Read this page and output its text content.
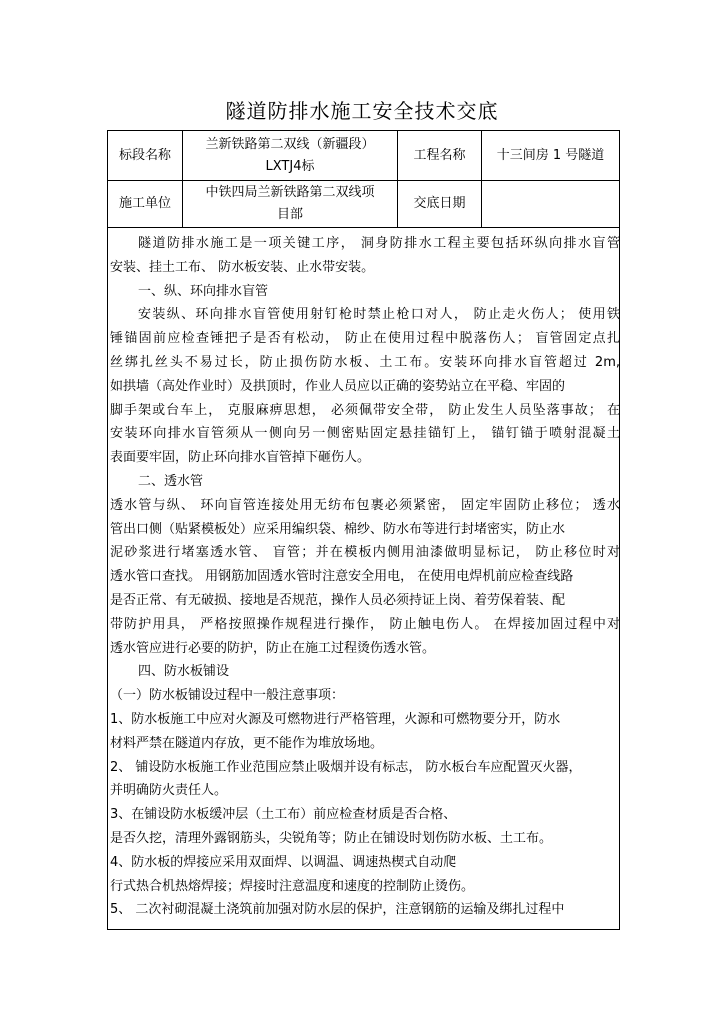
隧道防排水施工安全技术交底
标段名称
兰新铁路第二双线（新疆段）
LXTJ4标
工程名称 十三间房 1 号隧道
施工单位
中铁四局兰新铁路第二双线项
目部
交底日期
隧道防排水施工是一项关键工序， 洞身防排水工程主要包括环纵向排水盲管
安装、挂土工布、 防水板安装、止水带安装。
一、纵、环向排水盲管
安装纵、环向排水盲管使用射钉枪时禁止枪口对人， 防止走火伤人； 使用铁
锤锚固前应检查锤把子是否有松动， 防止在使用过程中脱落伤人； 盲管固定点扎
丝绑扎丝头不易过长，防止损伤防水板、土工布。安装环向排水盲管超过 2m,
如拱墙（高处作业时）及拱顶时，作业人员应以正确的姿势站立在平稳、牢固的
脚手架或台车上， 克服麻痹思想， 必须佩带安全带， 防止发生人员坠落事故； 在
安装环向排水盲管须从一侧向另一侧密贴固定悬挂锚钉上， 锚钉锚于喷射混凝土
表面要牢固，防止环向排水盲管掉下砸伤人。
二、透水管
透水管与纵、 环向盲管连接处用无纺布包裹必须紧密， 固定牢固防止移位； 透水
管出口侧（贴紧模板处）应采用编织袋、棉纱、防水布等进行封堵密实，防止水
泥砂浆进行堵塞透水管、 盲管；并在模板内侧用油漆做明显标记， 防止移位时对
透水管口查找。 用钢筋加固透水管时注意安全用电， 在使用电焊机前应检查线路
是否正常、有无破损、接地是否规范，操作人员必须持证上岗、着劳保着装、配
带防护用具， 严格按照操作规程进行操作， 防止触电伤人。 在焊接加固过程中对
透水管应进行必要的防护，防止在施工过程烫伤透水管。
四、防水板铺设
（一）防水板铺设过程中一般注意事项：
1、防水板施工中应对火源及可燃物进行严格管理，火源和可燃物要分开，防水
材料严禁在隧道内存放，更不能作为堆放场地。
2、 铺设防水板施工作业范围应禁止吸烟并设有标志， 防水板台车应配置灭火器，
并明确防火责任人。
3、在铺设防水板缓冲层（土工布）前应检查材质是否合格、
是否久挖，清理外露钢筋头，尖锐角等；防止在铺设时划伤防水板、土工布。
4、防水板的焊接应采用双面焊、以调温、调速热楔式自动爬
行式热合机热熔焊接；焊接时注意温度和速度的控制防止烫伤。
5、 二次衬砌混凝土浇筑前加强对防水层的保护，注意钢筋的运输及绑扎过程中
